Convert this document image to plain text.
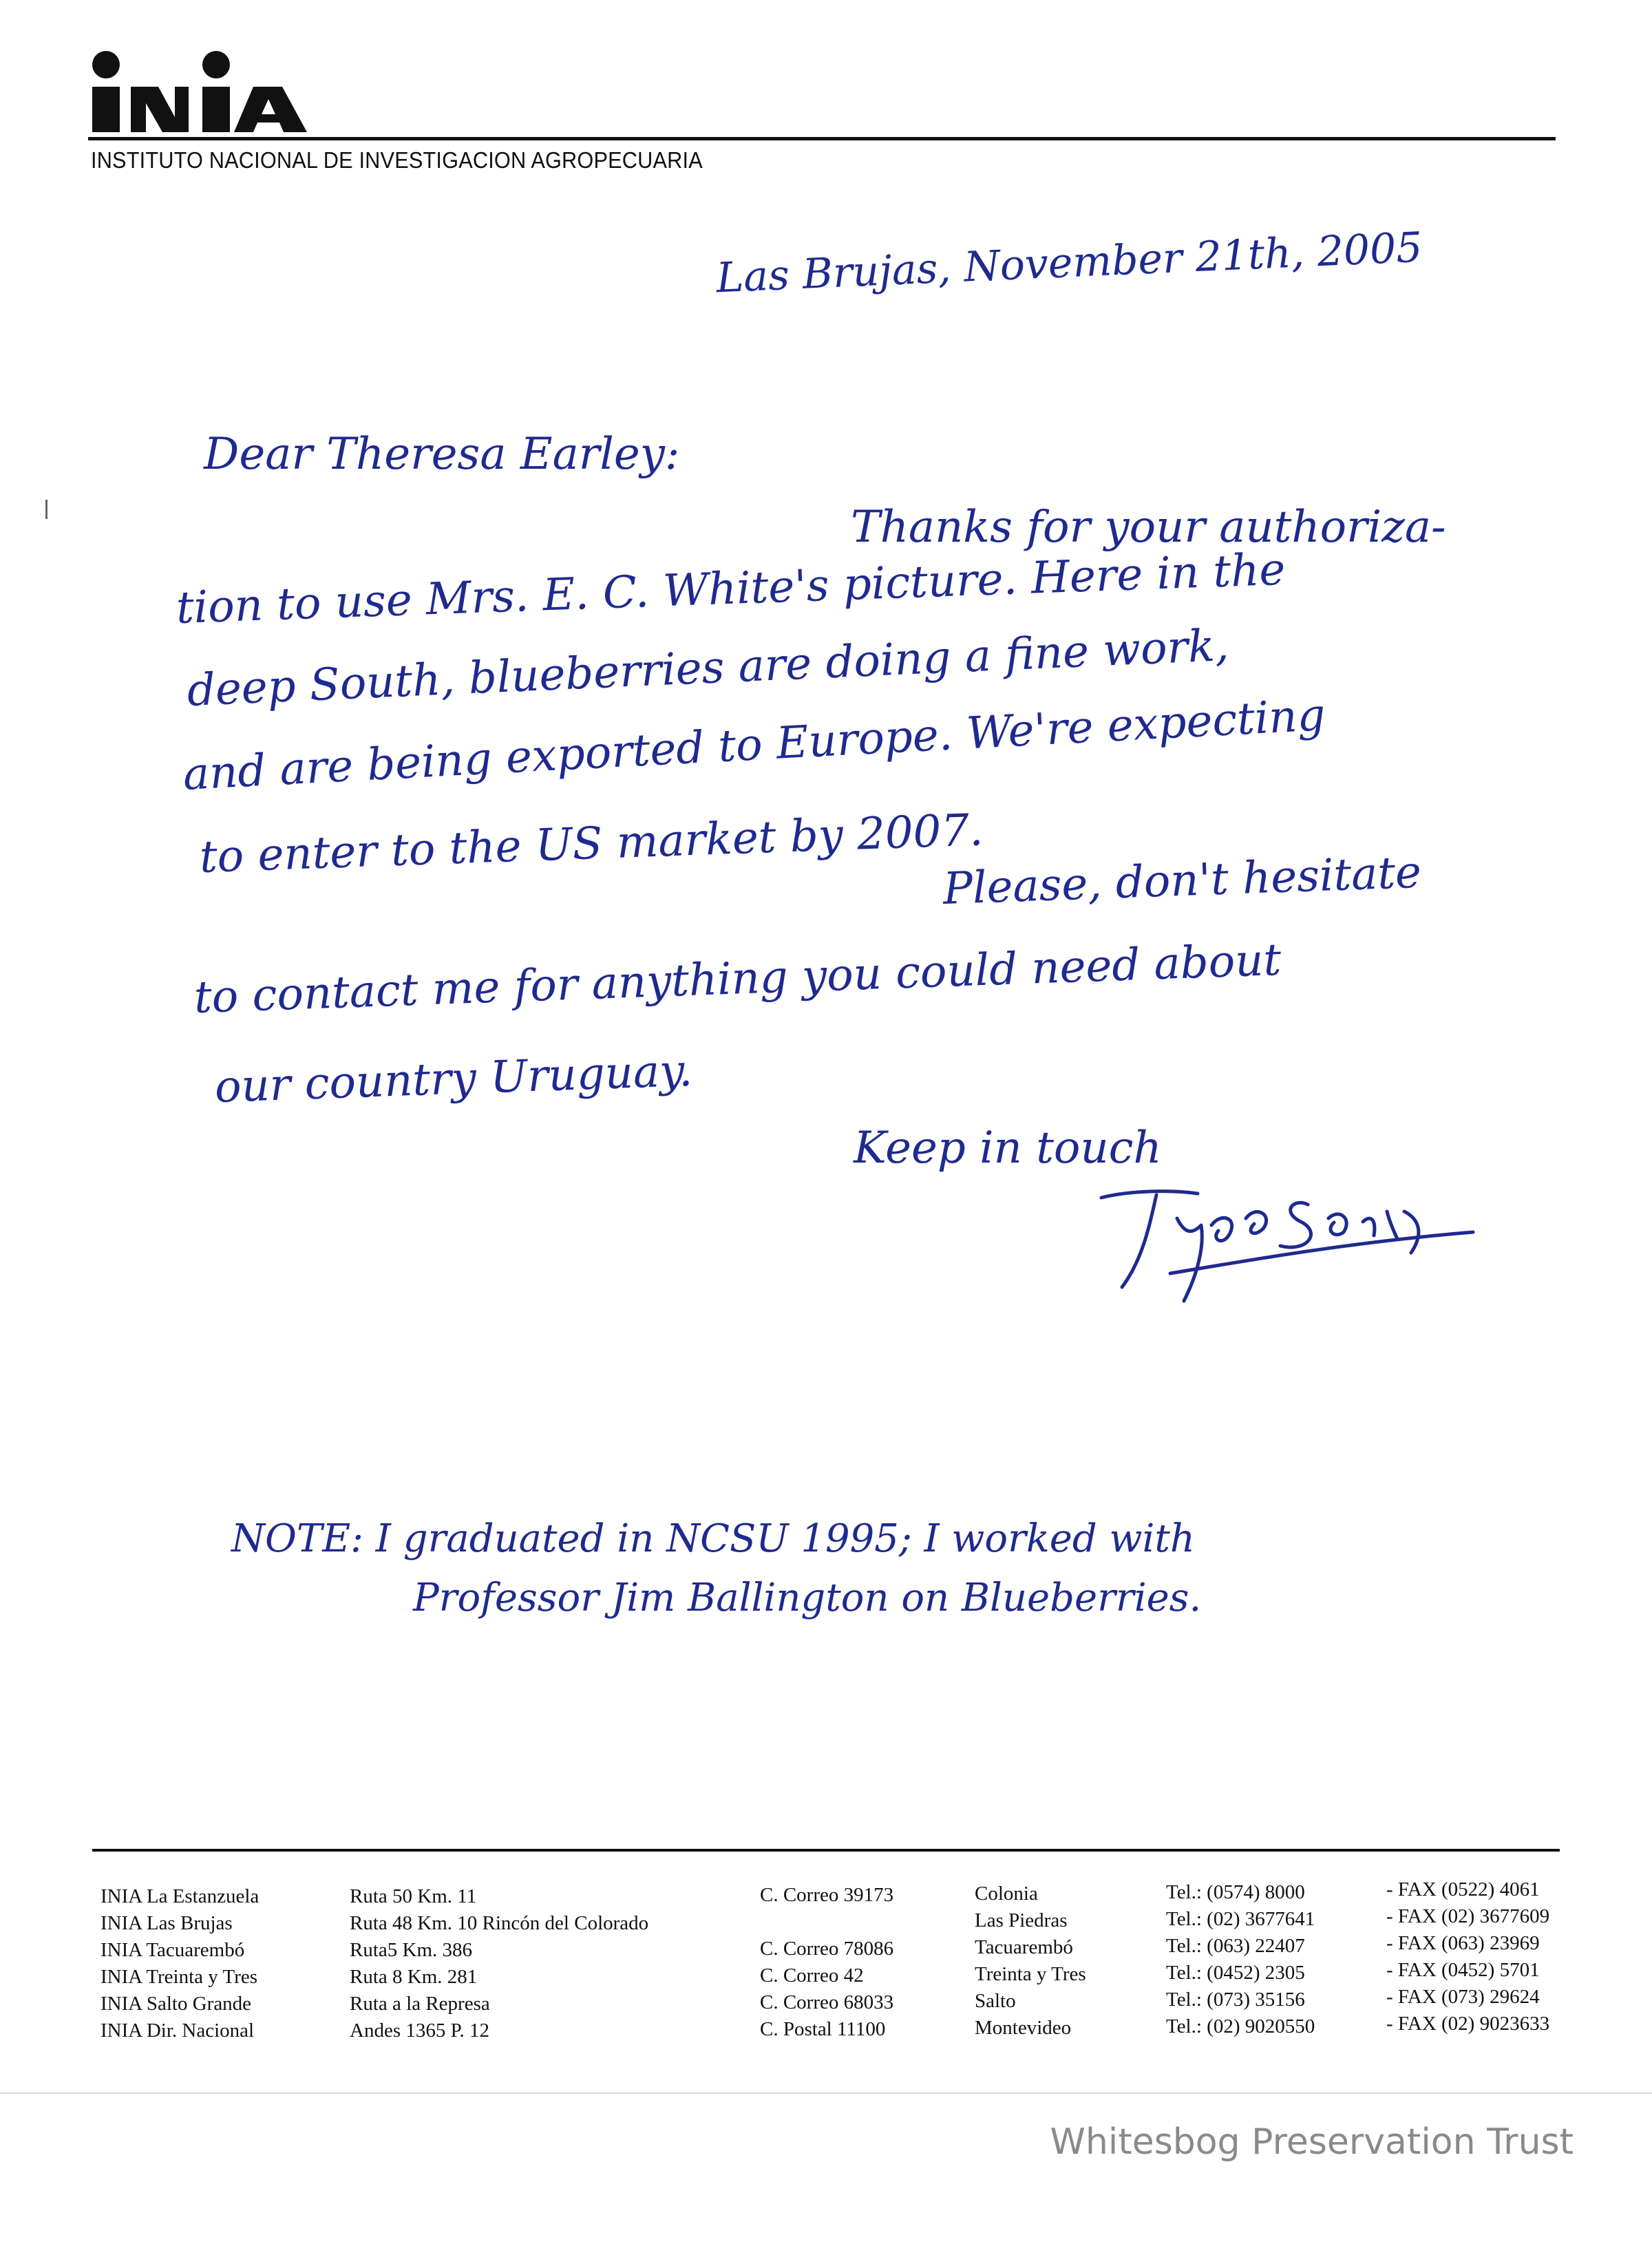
INSTITUTO NACIONAL DE INVESTIGACION AGROPECUARIA
Las Brujas, November 21th, 2005
Dear Theresa Earley:
Thanks for your authoriza-
tion to use Mrs. E. C. White's picture. Here in the
deep South, blueberries are doing a fine work,
and are being exported to Europe. We're expecting
to enter to the US market by 2007.
Please, don't hesitate
to contact me for anything you could need about
our country Uruguay.
Keep in touch
NOTE: I graduated in NCSU 1995; I worked with
Professor Jim Ballington on Blueberries.
INIA La Estanzuela
INIA Las Brujas
INIA Tacuarembó
INIA Treinta y Tres
INIA Salto Grande
INIA Dir. Nacional
Ruta 50 Km. 11
Ruta 48 Km. 10 Rincón del Colorado
Ruta5 Km. 386
Ruta 8 Km. 281
Ruta a la Represa
Andes 1365 P. 12
C. Correo 39173
C. Correo 78086
C. Correo 42
C. Correo 68033
C. Postal 11100
Colonia
Las Piedras
Tacuarembó
Treinta y Tres
Salto
Montevideo
Tel.: (0574) 8000
Tel.: (02) 3677641
Tel.: (063) 22407
Tel.: (0452) 2305
Tel.: (073) 35156
Tel.: (02) 9020550
- FAX (0522) 4061
- FAX (02) 3677609
- FAX (063) 23969
- FAX (0452) 5701
- FAX (073) 29624
- FAX (02) 9023633
Whitesbog Preservation Trust
